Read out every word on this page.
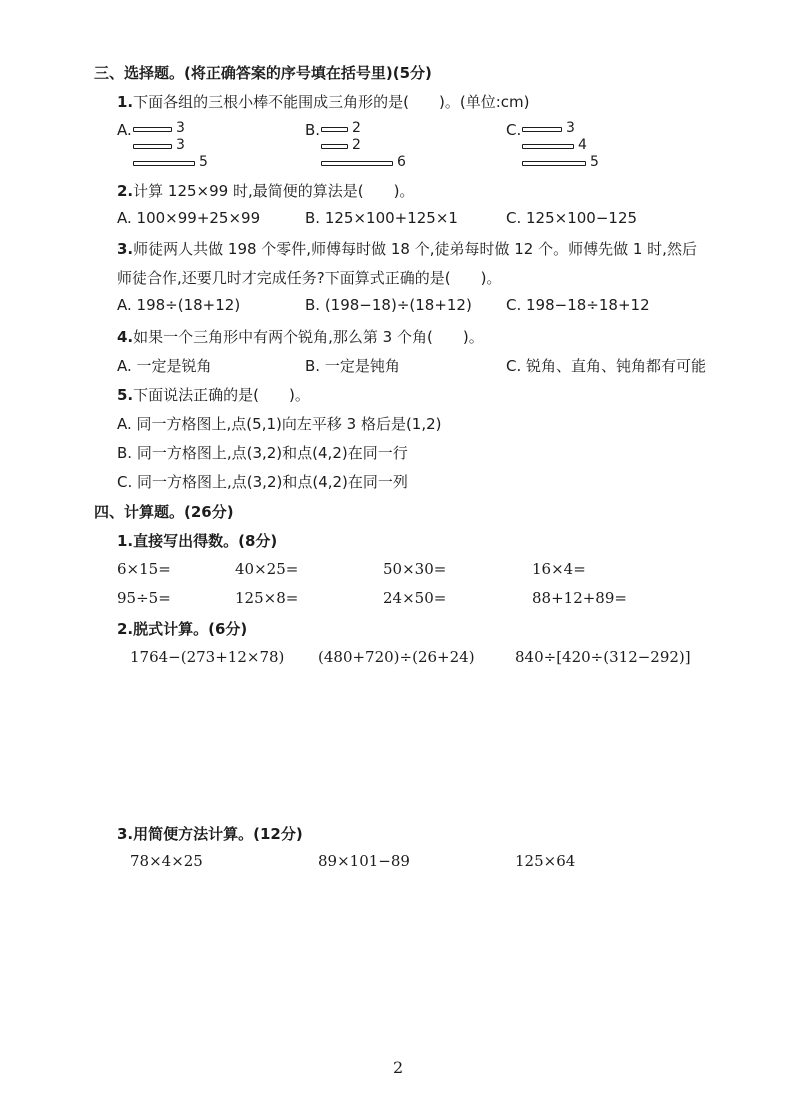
三、选择题。(将正确答案的序号填在括号里)(5分)
1.下面各组的三根小棒不能围成三角形的是(　　)。(单位:cm)
A.	3
3
5
B. 2
2
6
C.	3
4
5
2.计算 125×99 时,最简便的算法是(　　)。
A. 100×99+25×99	B. 125×100+125×1	C. 125×100−125
3.师徒两人共做 198 个零件,师傅每时做 18 个,徒弟每时做 12 个。师傅先做 1 时,然后
师徒合作,还要几时才完成任务?下面算式正确的是(　　)。
A. 198÷(18+12)	B. (198−18)÷(18+12) C. 198−18÷18+12
4.如果一个三角形中有两个锐角,那么第 3 个角(　　)。
A. 一定是锐角	B. 一定是钝角	C. 锐角、直角、钝角都有可能
5.下面说法正确的是(　　)。
A. 同一方格图上,点(5,1)向左平移 3 格后是(1,2)
B. 同一方格图上,点(3,2)和点(4,2)在同一行
C. 同一方格图上,点(3,2)和点(4,2)在同一列
四、计算题。(26分)
1.直接写出得数。(8分)
6×15=	40×25=	50×30=	16×4=
95÷5=	125×8=	24×50=	88+12+89=
2.脱式计算。(6分)
1764−(273+12×78) (480+720)÷(26+24)	840÷[420÷(312−292)]
3.用简便方法计算。(12分)
78×4×25	89×101−89	125×64
2
